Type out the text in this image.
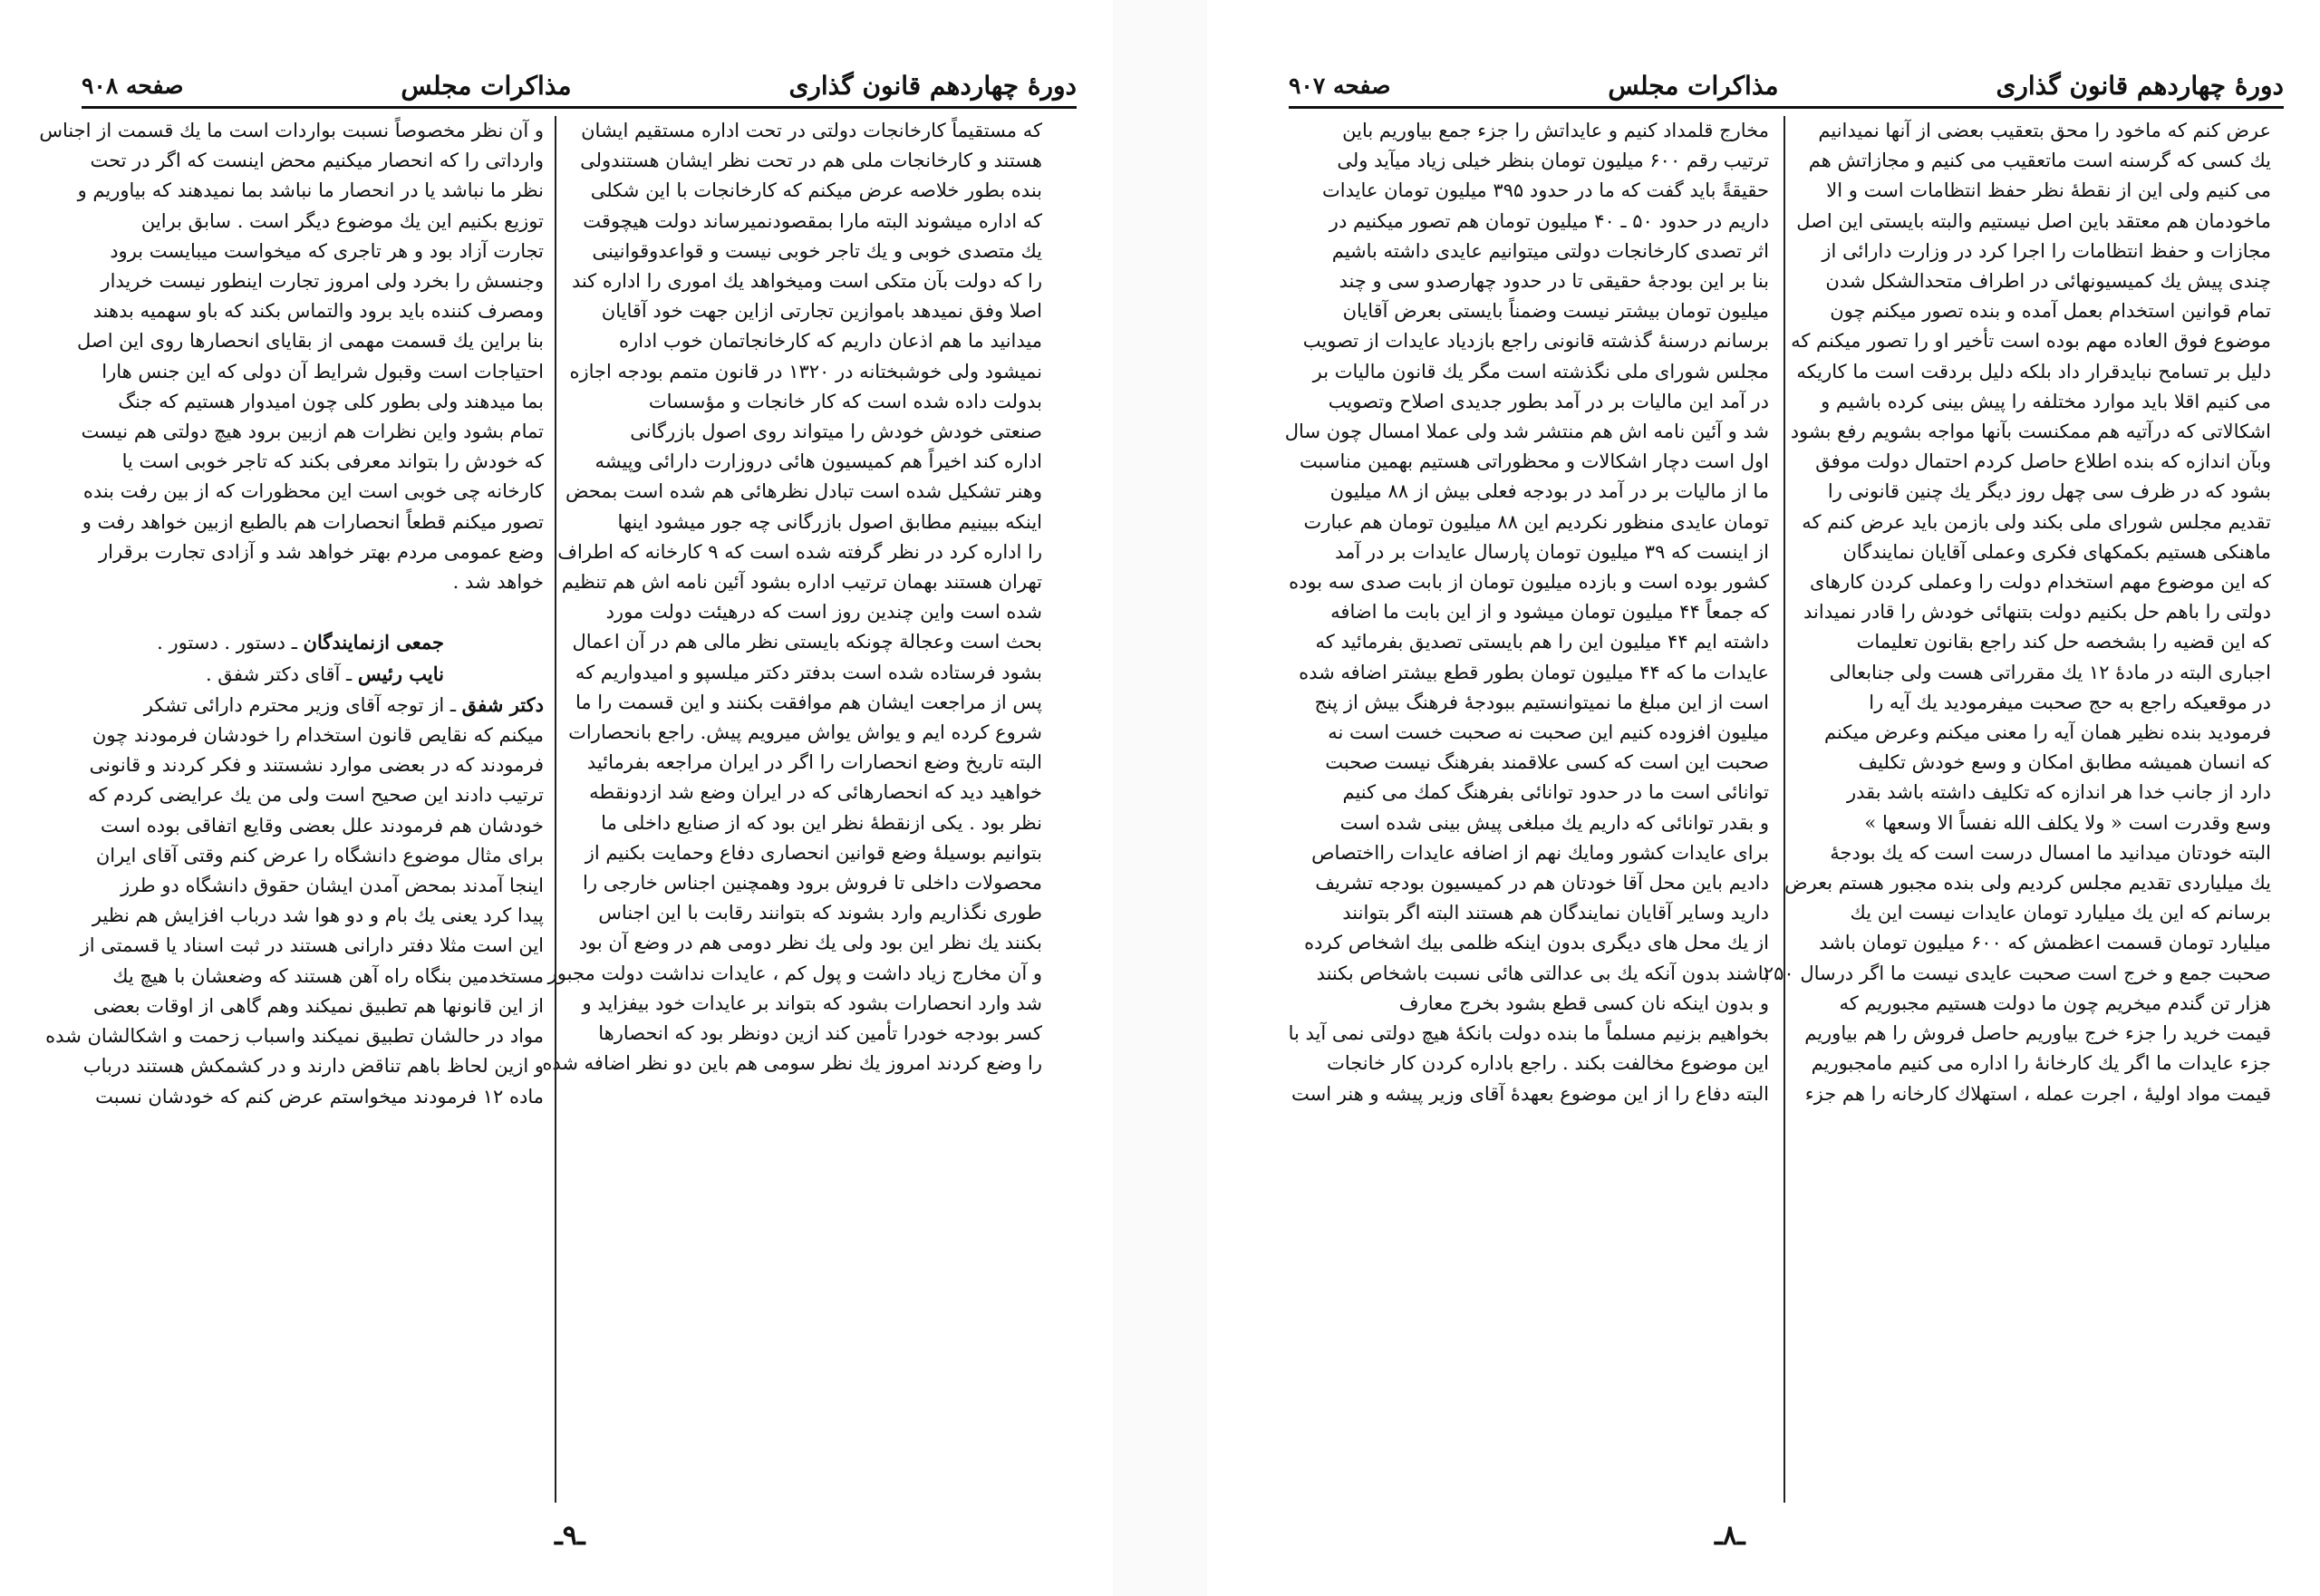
دورهٔ چهاردهم قانون گذاری
مذاکرات مجلس
صفحه ۹۰۸
که مستقیماً کارخانجات دولتی در تحت اداره مستقیم ایشان
هستند و کارخانجات ملی هم در تحت نظر ایشان هستندولی
بنده بطور خلاصه عرض میکنم که کارخانجات با این شکلی
که اداره میشوند البته مارا بمقصودنمیرساند دولت هیچوقت
یك متصدی خوبی و یك تاجر خوبی نیست و قواعدوقوانینی
را که دولت بآن متکی است ومیخواهد یك اموری را اداره کند
اصلا وفق نمیدهد باموازین تجارتی ازاین جهت خود آقایان
میدانید ما هم اذعان داریم که کارخانجاتمان خوب اداره
نمیشود ولی خوشبختانه در ۱۳۲۰ در قانون متمم بودجه اجازه
بدولت داده شده است که کار خانجات و مؤسسات
صنعتی خودش خودش را میتواند روی اصول بازرگانی
اداره کند اخیراً هم کمیسیون هائی دروزارت دارائی وپیشه
وهنر تشکیل شده است تبادل نظرهائی هم شده است بمحض
اینکه ببینیم مطابق اصول بازرگانی چه جور میشود اینها
را اداره کرد در نظر گرفته شده است که ۹ کارخانه که اطراف
تهران هستند بهمان ترتیب اداره بشود آئین نامه اش هم تنظیم
شده است واین چندین روز است که درهیئت دولت مورد
بحث است وعجالة چونکه بایستی نظر مالی هم در آن اعمال
بشود فرستاده شده است بدفتر دکتر میلسپو و امیدواریم که
پس از مراجعت ایشان هم موافقت بکنند و این قسمت را ما
شروع کرده ایم و یواش یواش میرویم پیش. راجع بانحصارات
البته تاریخ وضع انحصارات را اگر در ایران مراجعه بفرمائید
خواهید دید که انحصارهائی که در ایران وضع شد ازدونقطه
نظر بود . یکی ازنقطهٔ نظر این بود که از صنایع داخلی ما
بتوانیم بوسیلهٔ وضع قوانین انحصاری دفاع وحمایت بکنیم از
محصولات داخلی تا فروش برود وهمچنین اجناس خارجی را
طوری نگذاریم وارد بشوند که بتوانند رقابت با این اجناس
بکنند یك نظر این بود ولی یك نظر دومی هم در وضع آن بود
و آن مخارج زیاد داشت و پول کم ، عایدات نداشت دولت مجبور
شد وارد انحصارات بشود که بتواند بر عایدات خود بیفزاید و
کسر بودجه خودرا تأمین کند ازین دونظر بود که انحصارها
را وضع کردند امروز یك نظر سومی هم باین دو نظر اضافه شده
و آن نظر مخصوصاً نسبت بواردات است ما یك قسمت از اجناس
وارداتی را که انحصار میکنیم محض اینست که اگر در تحت
نظر ما نباشد یا در انحصار ما نباشد بما نمیدهند که بیاوریم و
توزیع بکنیم این یك موضوع دیگر است . سابق براین
تجارت آزاد بود و هر تاجری که میخواست میبایست برود
وجنسش را بخرد ولی امروز تجارت اینطور نیست خریدار
ومصرف کننده باید برود والتماس بکند که باو سهمیه بدهند
بنا براین یك قسمت مهمی از بقایای انحصارها روی این اصل
احتیاجات است وقبول شرایط آن دولی که این جنس هارا
بما میدهند ولی بطور کلی چون امیدوار هستیم که جنگ
تمام بشود واین نظرات هم ازبین برود هیچ دولتی هم نیست
که خودش را بتواند معرفی بکند که تاجر خوبی است یا
کارخانه چی خوبی است این محظورات که از بین رفت بنده
تصور میکنم قطعاً انحصارات هم بالطبع ازبین خواهد رفت و
وضع عمومی مردم بهتر خواهد شد و آزادی تجارت برقرار
خواهد شد .

جمعی ازنمایندگان ـ دستور . دستور .
نایب رئیس ـ آقای دکتر شفق .
دکتر شفق ـ از توجه آقای وزیر محترم دارائی تشکر
میکنم که نقایص قانون استخدام را خودشان فرمودند چون
فرمودند که در بعضی موارد نشستند و فکر کردند و قانونی
ترتیب دادند این صحیح است ولی من یك عرایضی کردم که
خودشان هم فرمودند علل بعضی وقایع اتفاقی بوده است
برای مثال موضوع دانشگاه را عرض کنم وقتی آقای ایران
اینجا آمدند بمحض آمدن ایشان حقوق دانشگاه دو طرز
پیدا کرد یعنی یك بام و دو هوا شد درباب افزایش هم نظیر
این است مثلا دفتر دارانی هستند در ثبت اسناد یا قسمتی از
مستخدمین بنگاه راه آهن هستند که وضعشان با هیچ یك
از این قانونها هم تطبیق نمیکند وهم گاهی از اوقات بعضی
مواد در حالشان تطبیق نمیکند واسباب زحمت و اشکالشان شده
و ازین لحاظ باهم تناقض دارند و در کشمکش هستند درباب
ماده ۱۲ فرمودند میخواستم عرض کنم که خودشان نسبت
ـ۹ـ
دورهٔ چهاردهم قانون گذاری
مذاکرات مجلس
صفحه ۹۰۷
عرض کنم که ماخود را محق بتعقیب بعضی از آنها نمیدانیم
یك کسی که گرسنه است ماتعقیب می کنیم و مجازاتش هم
می کنیم ولی این از نقطهٔ نظر حفظ انتظامات است و الا
ماخودمان هم معتقد باین اصل نیستیم والبته بایستی این اصل
مجازات و حفظ انتظامات را اجرا کرد در وزارت دارائی از
چندی پیش یك کمیسیونهائی در اطراف متحدالشکل شدن
تمام قوانین استخدام بعمل آمده و بنده تصور میکنم چون
موضوع فوق العاده مهم بوده است تأخیر او را تصور میکنم که
دلیل بر تسامح نبایدقرار داد بلکه دلیل بردقت است ما کاریکه
می کنیم اقلا باید موارد مختلفه را پیش بینی کرده باشیم و
اشکالاتی که درآتیه هم ممکنست بآنها مواجه بشویم رفع بشود
وبآن اندازه که بنده اطلاع حاصل کردم احتمال دولت موفق
بشود که در ظرف سی چهل روز دیگر یك چنین قانونی را
تقدیم مجلس شورای ملی بکند ولی بازمن باید عرض کنم که
ماهنکی هستیم بکمکهای فکری وعملی آقایان نمایندگان
که این موضوع مهم استخدام دولت را وعملی کردن کارهای
دولتی را باهم حل بکنیم دولت بتنهائی خودش را قادر نمیداند
که این قضیه را بشخصه حل کند راجع بقانون تعلیمات
اجباری البته در مادهٔ ۱۲ یك مقرراتی هست ولی جنابعالی
در موقعیکه راجع به حج صحبت میفرمودید یك آیه را
فرمودید بنده نظیر همان آیه را معنی میکنم وعرض میکنم
که انسان همیشه مطابق امکان و وسع خودش تکلیف
دارد از جانب خدا هر اندازه که تکلیف داشته باشد بقدر
وسع وقدرت است « ولا یکلف الله نفساً الا وسعها »
البته خودتان میدانید ما امسال درست است که یك بودجهٔ
یك میلیاردی تقدیم مجلس کردیم ولی بنده مجبور هستم بعرض
برسانم که این یك میلیارد تومان عایدات نیست این یك
میلیارد تومان قسمت اعظمش که ۶۰۰ میلیون تومان باشد
صحبت جمع و خرج است صحبت عایدی نیست ما اگر درسال ۲۵۰
هزار تن گندم میخریم چون ما دولت هستیم مجبوریم که
قیمت خرید را جزء خرج بیاوریم حاصل فروش را هم بیاوریم
جزء عایدات ما اگر یك کارخانهٔ را اداره می کنیم مامجبوریم
قیمت مواد اولیهٔ ، اجرت عمله ، استهلاك کارخانه را هم جزء
مخارج قلمداد کنیم و عایداتش را جزء جمع بیاوریم باین
ترتیب رقم ۶۰۰ میلیون تومان بنظر خیلی زیاد میآید ولی
حقیقةً باید گفت که ما در حدود ۳۹۵ میلیون تومان عایدات
داریم در حدود ۵۰ ـ ۴۰ میلیون تومان هم تصور میکنیم در
اثر تصدی کارخانجات دولتی میتوانیم عایدی داشته باشیم
بنا بر این بودجهٔ حقیقی تا در حدود چهارصدو سی و چند
میلیون تومان بیشتر نیست وضمناً بایستی بعرض آقایان
برسانم درسنهٔ گذشته قانونی راجع بازدیاد عایدات از تصویب
مجلس شورای ملی نگذشته است مگر یك قانون مالیات بر
در آمد این مالیات بر در آمد بطور جدیدی اصلاح وتصویب
شد و آئین نامه اش هم منتشر شد ولی عملا امسال چون سال
اول است دچار اشکالات و محظوراتی هستیم بهمین مناسبت
ما از مالیات بر در آمد در بودجه فعلی بیش از ۸۸ میلیون
تومان عایدی منظور نکردیم این ۸۸ میلیون تومان هم عبارت
از اینست که ۳۹ میلیون تومان پارسال عایدات بر در آمد
کشور بوده است و بازده میلیون تومان از بابت صدی سه بوده
که جمعاً ۴۴ میلیون تومان میشود و از این بابت ما اضافه
داشته ایم ۴۴ میلیون این را هم بایستی تصدیق بفرمائید که
عایدات ما که ۴۴ میلیون تومان بطور قطع بیشتر اضافه شده
است از این مبلغ ما نمیتوانستیم ببودجهٔ فرهنگ بیش از پنج
میلیون افزوده کنیم این صحبت نه صحبت خست است نه
صحبت این است که کسی علاقمند بفرهنگ نیست صحبت
توانائی است ما در حدود توانائی بفرهنگ کمك می کنیم
و بقدر توانائی که داریم یك مبلغی پیش بینی شده است
برای عایدات کشور ومایك نهم از اضافه عایدات رااختصاص
دادیم باین محل آقا خودتان هم در کمیسیون بودجه تشریف
دارید وسایر آقایان نمایندگان هم هستند البته اگر بتوانند
از یك محل های دیگری بدون اینکه ظلمی بیك اشخاص کرده
باشند بدون آنکه یك بی عدالتی هائی نسبت باشخاص بکنند
و بدون اینکه نان کسی قطع بشود بخرج معارف
بخواهیم بزنیم مسلماً ما بنده دولت بانکهٔ هیچ دولتی نمی آید با
این موضوع مخالفت بکند . راجع باداره کردن کار خانجات
البته دفاع را از این موضوع بعهدهٔ آقای وزیر پیشه و هنر است
ـ۸ـ
